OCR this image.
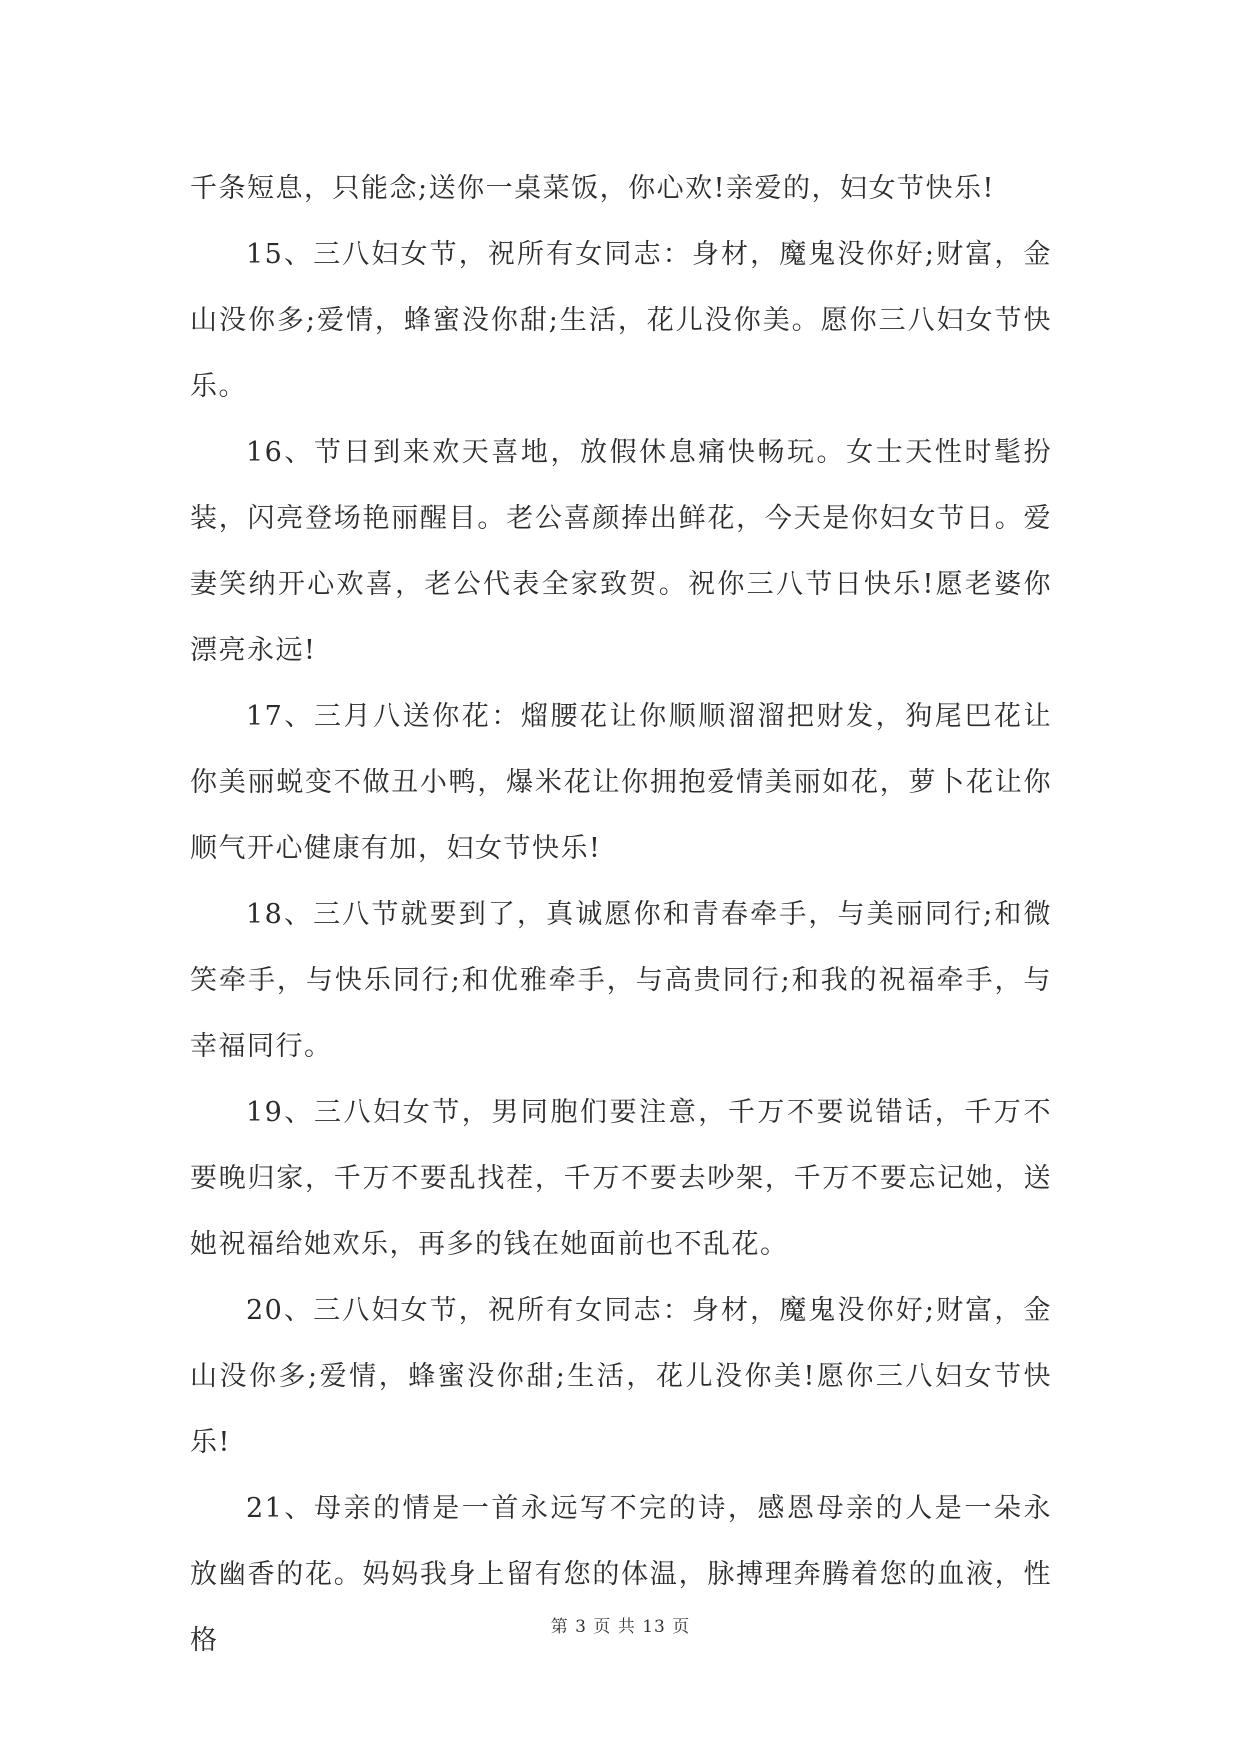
千条短息，只能念;送你一桌菜饭，你心欢!亲爱的，妇女节快乐!

15、三八妇女节，祝所有女同志：身材，魔鬼没你好;财富，金山没你多;爱情，蜂蜜没你甜;生活，花儿没你美。愿你三八妇女节快乐。

16、节日到来欢天喜地，放假休息痛快畅玩。女士天性时髦扮装，闪亮登场艳丽醒目。老公喜颜捧出鲜花，今天是你妇女节日。爱妻笑纳开心欢喜，老公代表全家致贺。祝你三八节日快乐!愿老婆你漂亮永远!

17、三月八送你花：熘腰花让你顺顺溜溜把财发，狗尾巴花让你美丽蜕变不做丑小鸭，爆米花让你拥抱爱情美丽如花，萝卜花让你顺气开心健康有加，妇女节快乐!

18、三八节就要到了，真诚愿你和青春牵手，与美丽同行;和微笑牵手，与快乐同行;和优雅牵手，与高贵同行;和我的祝福牵手，与幸福同行。

19、三八妇女节，男同胞们要注意，千万不要说错话，千万不要晚归家，千万不要乱找茬，千万不要去吵架，千万不要忘记她，送她祝福给她欢乐，再多的钱在她面前也不乱花。

20、三八妇女节，祝所有女同志：身材，魔鬼没你好;财富，金山没你多;爱情，蜂蜜没你甜;生活，花儿没你美!愿你三八妇女节快乐!

21、母亲的情是一首永远写不完的诗，感恩母亲的人是一朵永放幽香的花。妈妈我身上留有您的体温，脉搏理奔腾着您的血液，性格	第 3 页 共 13 页
